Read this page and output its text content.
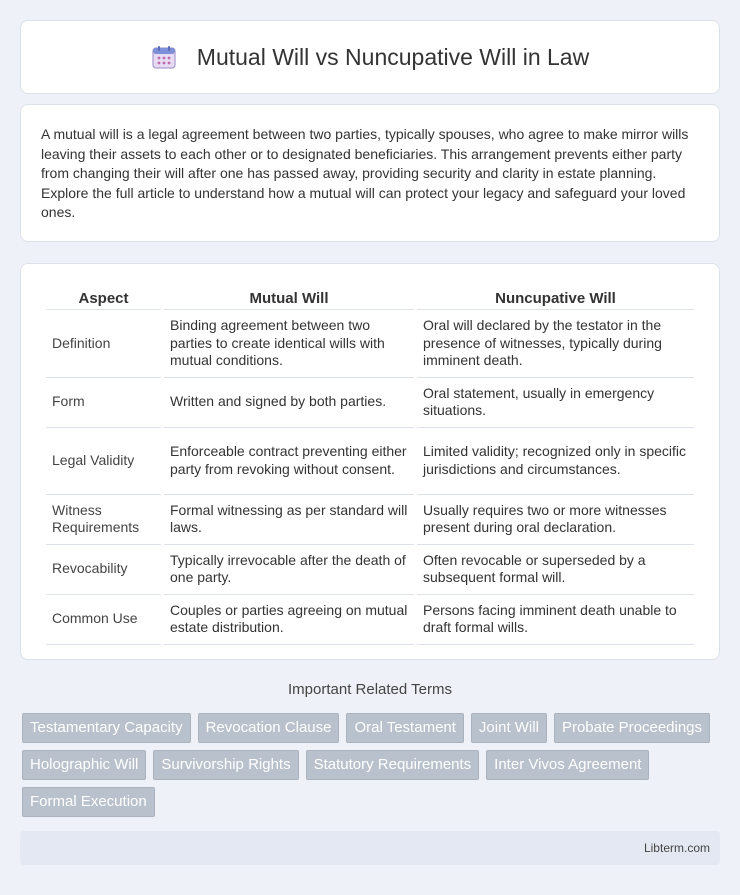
Mutual Will vs Nuncupative Will in Law

A mutual will is a legal agreement between two parties, typically spouses, who agree to make mirror wills leaving their assets to each other or to designated beneficiaries. This arrangement prevents either party from changing their will after one has passed away, providing security and clarity in estate planning. Explore the full article to understand how a mutual will can protect your legacy and safeguard your loved ones.

Aspect	Mutual Will	Nuncupative Will
Definition	Binding agreement between two parties to create identical wills with mutual conditions.	Oral will declared by the testator in the presence of witnesses, typically during imminent death.
Form	Written and signed by both parties.	Oral statement, usually in emergency situations.
Legal Validity	Enforceable contract preventing either party from revoking without consent.	Limited validity; recognized only in specific jurisdictions and circumstances.
Witness Requirements	Formal witnessing as per standard will laws.	Usually requires two or more witnesses present during oral declaration.
Revocability	Typically irrevocable after the death of one party.	Often revocable or superseded by a subsequent formal will.
Common Use	Couples or parties agreeing on mutual estate distribution.	Persons facing imminent death unable to draft formal wills.
Important Related Terms
Testamentary Capacity	Revocation Clause	Oral Testament	Joint Will	Probate Proceedings
Holographic Will	Survivorship Rights	Statutory Requirements	Inter Vivos Agreement
Formal Execution
Libterm.com
